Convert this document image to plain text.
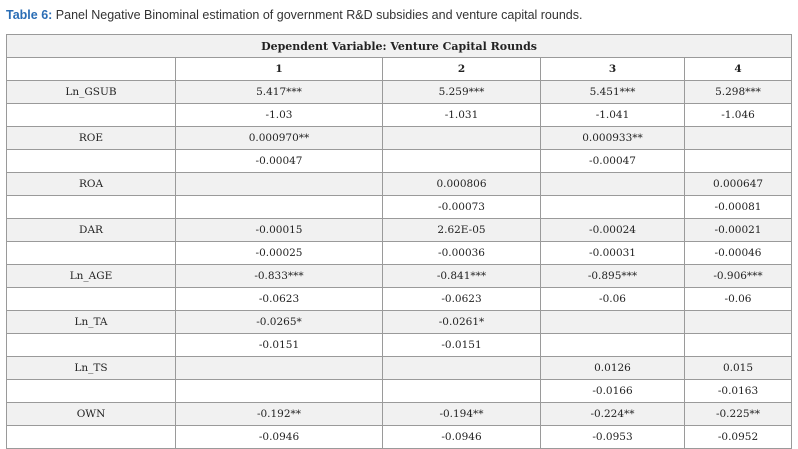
Table 6: Panel Negative Binominal estimation of government R&D subsidies and venture capital rounds.
Dependent Variable: Venture Capital Rounds				
	1	2	3	4
Ln_GSUB	5.417***	5.259***	5.451***	5.298***
	-1.03	-1.031	-1.041	-1.046
ROE	0.000970**		0.000933**	
	-0.00047		-0.00047	
ROA		0.000806		0.000647
		-0.00073		-0.00081
DAR	-0.00015	2.62E-05	-0.00024	-0.00021
	-0.00025	-0.00036	-0.00031	-0.00046
Ln_AGE	-0.833***	-0.841***	-0.895***	-0.906***
	-0.0623	-0.0623	-0.06	-0.06
Ln_TA	-0.0265*	-0.0261*		
	-0.0151	-0.0151		
Ln_TS			0.0126	0.015
			-0.0166	-0.0163
OWN	-0.192**	-0.194**	-0.224**	-0.225**
	-0.0946	-0.0946	-0.0953	-0.0952
